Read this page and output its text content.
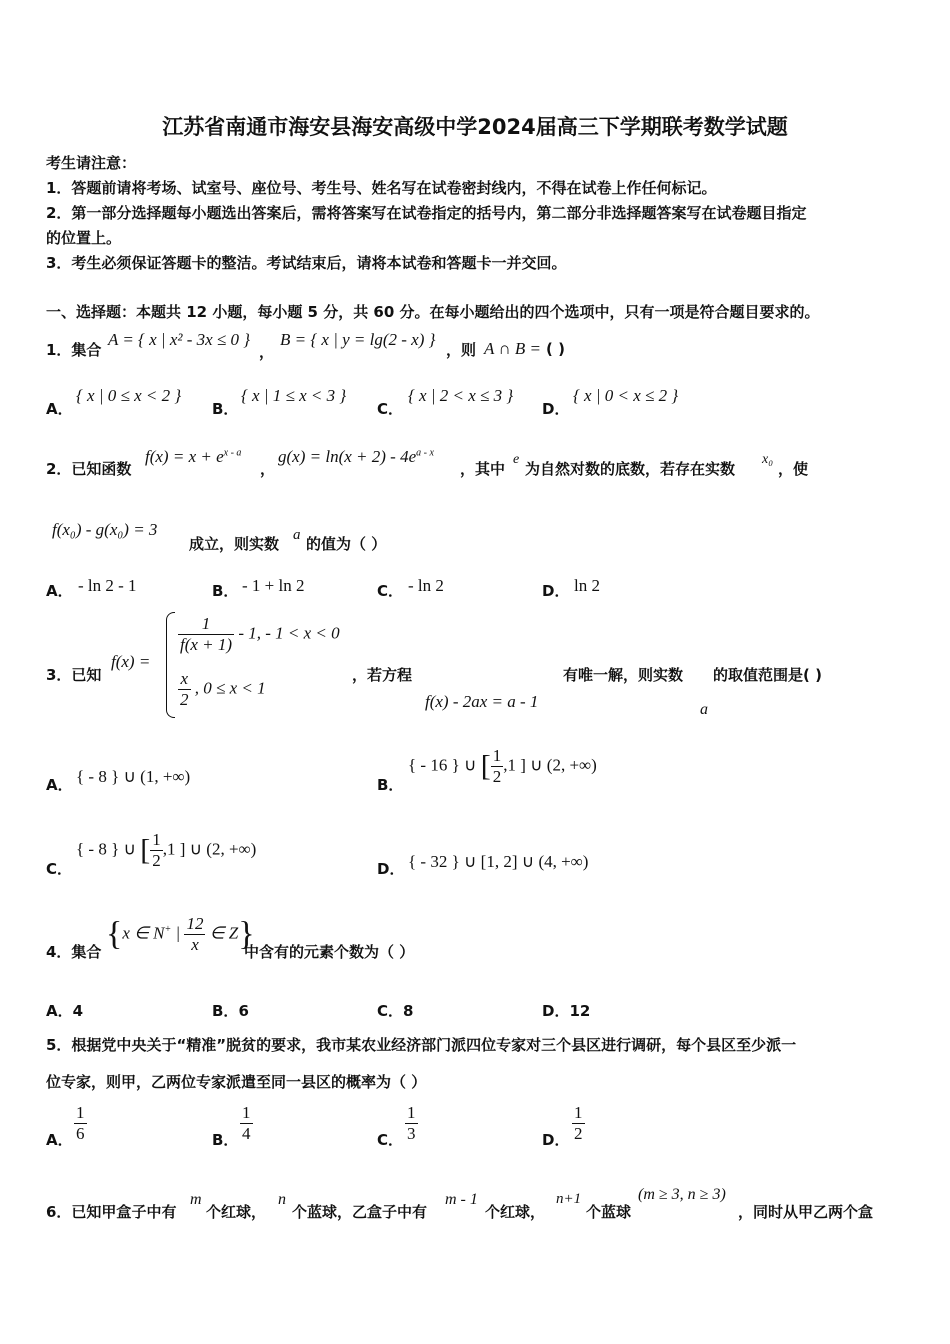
江苏省南通市海安县海安高级中学2024届高三下学期联考数学试题
考生请注意：
1．答题前请将考场、试室号、座位号、考生号、姓名写在试卷密封线内，不得在试卷上作任何标记。
2．第一部分选择题每小题选出答案后，需将答案写在试卷指定的括号内，第二部分非选择题答案写在试卷题目指定
的位置上。
3．考生必须保证答题卡的整洁。考试结束后，请将本试卷和答题卡一并交回。
一、选择题：本题共 12 小题，每小题 5 分，共 60 分。在每小题给出的四个选项中，只有一项是符合题目要求的。
1．集合
A = { x | x² - 3x ≤ 0 }
，
B = { x | y = lg(2 - x) }
，则 A ∩ B = ( )
A．
{ x | 0 ≤ x < 2 }
B．
{ x | 1 ≤ x < 3 }
C．
{ x | 2 < x ≤ 3 }
D．
{ x | 0 < x ≤ 2 }
2．已知函数
$f(x) = x + e^{x - a}$
，
$g(x) = \ln(x + 2) - 4e^{a - x}$
，其中
e
为自然对数的底数，若存在实数
x₀
，使
f(x₀) - g(x₀) = 3
成立，则实数 a 的值为（ ）
A． - ln 2 - 1	B． - 1 + ln 2	C． - ln 2	D． ln 2
3．已知
f(x) =
$\frac{1}{f(x + 1)} - 1$, - 1 < x < 0
$\frac{x}{2}$ , 0 ≤ x < 1
，若方程
f(x) - 2ax = a - 1
有唯一解，则实数
a
的取值范围是( )
A． { - 8 } ∪ (1, +∞)	B．
{ - 16 } ∪ [ $\frac{1}{2} ,1$ ] ∪ (2, +∞)
C．
{ - 8 } ∪ [ $\frac{1}{2} ,1$ ] ∪ (2, +∞)
D． { - 32 } ∪ [1, 2] ∪ (4, +∞)
4．集合 {x ∈ N+ | $\frac{12}{x}$ ∈ Z}
中含有的元素个数为（ ）
A．4	B．6	C．8	D．12
5．根据党中央关于“精准”脱贫的要求，我市某农业经济部门派四位专家对三个县区进行调研，每个县区至少派一
位专家，则甲，乙两位专家派遣至同一县区的概率为（ ）
A． $\frac{1}{6}$	B． $\frac{1}{4}$	C． $\frac{1}{3}$	D． $\frac{1}{2}$
6．已知甲盒子中有
m
个红球，
n
个蓝球，乙盒子中有
m - 1
个红球，
n+1
个蓝球
(m ≥ 3, n ≥ 3)
，同时从甲乙两个盒
